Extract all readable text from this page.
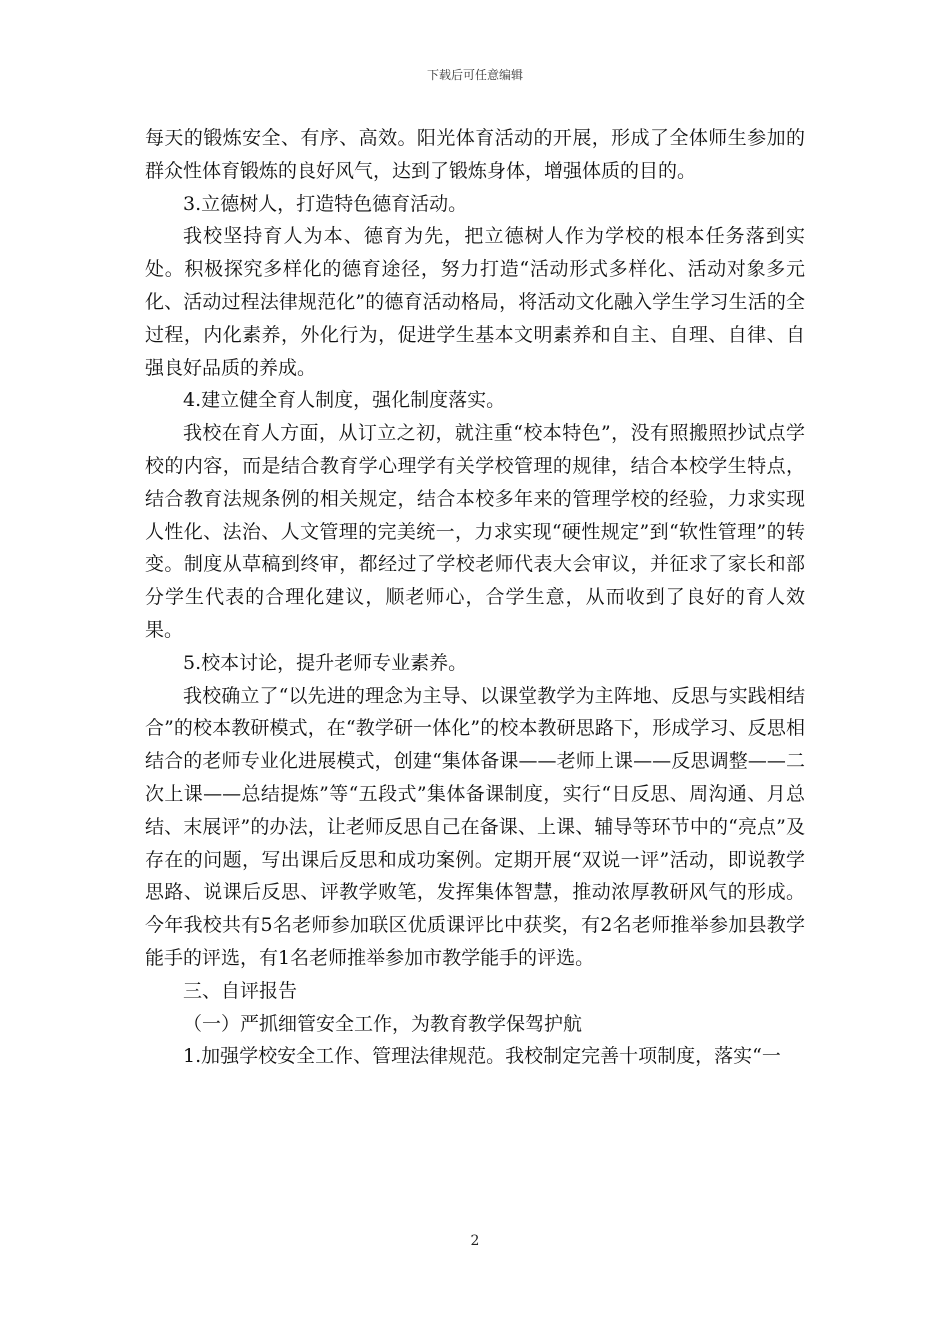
下载后可任意编辑

每天的锻炼安全、有序、高效。阳光体育活动的开展，形成了全体师生参加的群众性体育锻炼的良好风气，达到了锻炼身体，增强体质的目的。

3.立德树人，打造特色德育活动。

我校坚持育人为本、德育为先，把立德树人作为学校的根本任务落到实处。积极探究多样化的德育途径，努力打造“活动形式多样化、活动对象多元化、活动过程法律规范化”的德育活动格局，将活动文化融入学生学习生活的全过程，内化素养，外化行为，促进学生基本文明素养和自主、自理、自律、自强良好品质的养成。

4.建立健全育人制度，强化制度落实。

我校在育人方面，从订立之初，就注重“校本特色”，没有照搬照抄试点学校的内容，而是结合教育学心理学有关学校管理的规律，结合本校学生特点，结合教育法规条例的相关规定，结合本校多年来的管理学校的经验，力求实现人性化、法治、人文管理的完美统一，力求实现“硬性规定”到“软性管理”的转变。制度从草稿到终审，都经过了学校老师代表大会审议，并征求了家长和部分学生代表的合理化建议，顺老师心，合学生意，从而收到了良好的育人效果。

5.校本讨论，提升老师专业素养。

我校确立了“以先进的理念为主导、以课堂教学为主阵地、反思与实践相结合”的校本教研模式，在“教学研一体化”的校本教研思路下，形成学习、反思相结合的老师专业化进展模式，创建“集体备课——老师上课——反思调整——二次上课——总结提炼”等“五段式”集体备课制度，实行“日反思、周沟通、月总结、末展评”的办法，让老师反思自己在备课、上课、辅导等环节中的“亮点”及存在的问题，写出课后反思和成功案例。定期开展“双说一评”活动，即说教学思路、说课后反思、评教学败笔，发挥集体智慧，推动浓厚教研风气的形成。今年我校共有5名老师参加联区优质课评比中获奖，有2名老师推举参加县教学能手的评选，有1名老师推举参加市教学能手的评选。

三、自评报告

（一）严抓细管安全工作，为教育教学保驾护航

1.加强学校安全工作、管理法律规范。我校制定完善十项制度，落实“一

2
